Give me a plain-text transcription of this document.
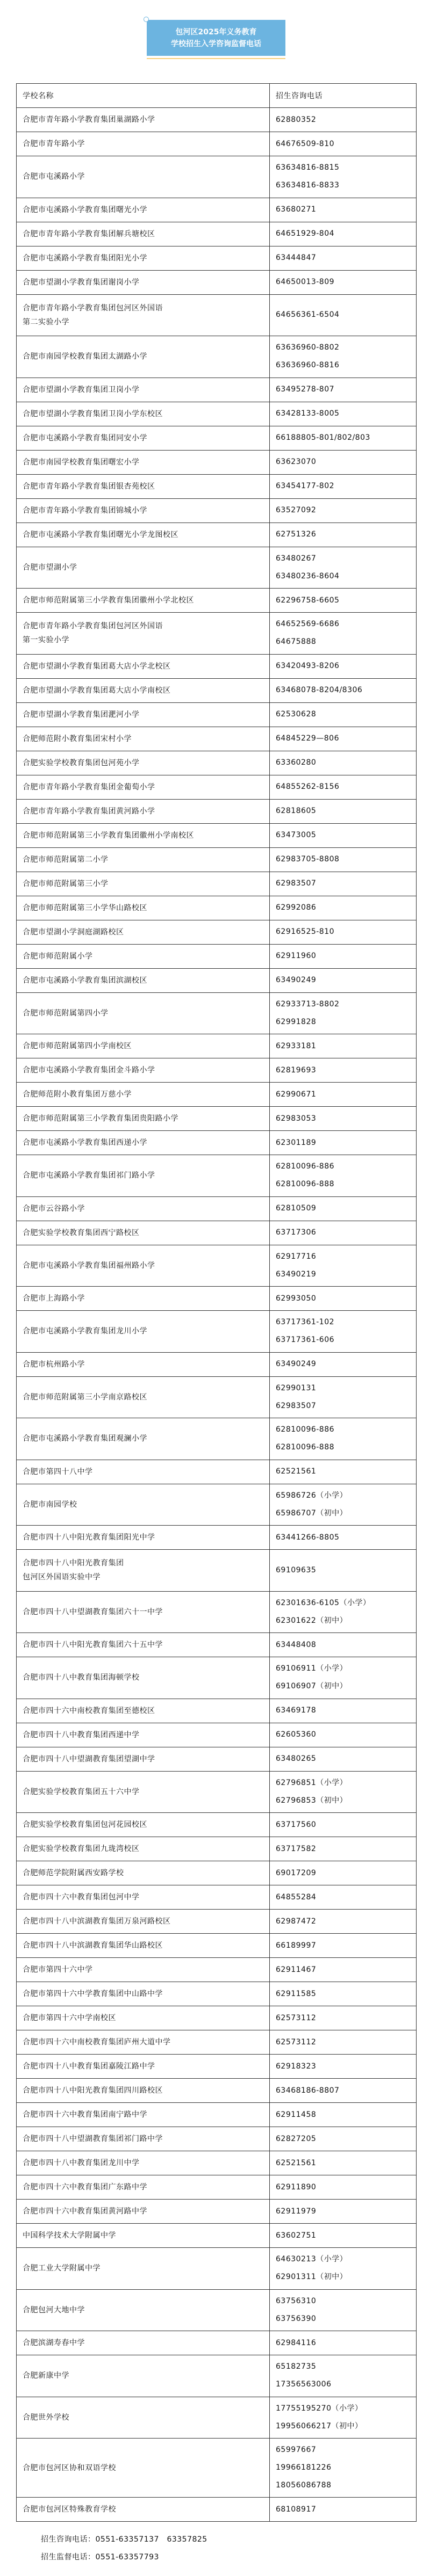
包河区2025年义务教育
学校招生入学咨询监督电话
学校名称	招生咨询电话

合肥市青年路小学教育集团巢湖路小学	62880352

合肥市青年路小学	64676509-810

合肥市屯溪路小学	63634816-8815
63634816-8833

合肥市屯溪路小学教育集团曙光小学	63680271

合肥市青年路小学教育集团解兵塘校区	64651929-804

合肥市屯溪路小学教育集团阳光小学	63444847

合肥市望湖小学教育集团谢岗小学	64650013-809

合肥市青年路小学教育集团包河区外国语
第二实验小学	64656361-6504

合肥市南园学校教育集团太湖路小学	63636960-8802
63636960-8816

合肥市望湖小学教育集团卫岗小学	63495278-807

合肥市望湖小学教育集团卫岗小学东校区	63428133-8005

合肥市屯溪路小学教育集团同安小学	66188805-801/802/803

合肥市南园学校教育集团曙宏小学	63623070

合肥市青年路小学教育集团银杏苑校区	63454177-802

合肥市青年路小学教育集团锦城小学	63527092

合肥市屯溪路小学教育集团曙光小学龙图校区	62751326

合肥市望湖小学	63480267
63480236-8604

合肥市师范附属第三小学教育集团徽州小学北校区	62296758-6605

合肥市青年路小学教育集团包河区外国语
第一实验小学	64652569-6686
64675888

合肥市望湖小学教育集团葛大店小学北校区	63420493-8206

合肥市望湖小学教育集团葛大店小学南校区	63468078-8204/8306

合肥市望湖小学教育集团淝河小学	62530628

合肥师范附小教育集团宋村小学	64845229—806

合肥实验学校教育集团包河苑小学	63360280

合肥市青年路小学教育集团金葡萄小学	64855262-8156

合肥市青年路小学教育集团黄河路小学	62818605

合肥市师范附属第三小学教育集团徽州小学南校区	63473005

合肥市师范附属第二小学	62983705-8808

合肥市师范附属第三小学	62983507

合肥市师范附属第三小学华山路校区	62992086

合肥市望湖小学洞庭湖路校区	62916525-810

合肥市师范附属小学	62911960

合肥市屯溪路小学教育集团滨湖校区	63490249

合肥市师范附属第四小学	62933713-8802
62991828

合肥市师范附属第四小学南校区	62933181

合肥市屯溪路小学教育集团金斗路小学	62819693

合肥师范附小教育集团万慈小学	62990671

合肥市师范附属第三小学教育集团贵阳路小学	62983053

合肥市屯溪路小学教育集团西递小学	62301189

合肥市屯溪路小学教育集团祁门路小学	62810096-886
62810096-888

合肥市云谷路小学	62810509

合肥实验学校教育集团西宁路校区	63717306

合肥市屯溪路小学教育集团福州路小学	62917716
63490219

合肥市上海路小学	62993050

合肥市屯溪路小学教育集团龙川小学	63717361-102
63717361-606

合肥市杭州路小学	63490249

合肥市师范附属第三小学南京路校区	62990131
62983507

合肥市屯溪路小学教育集团观澜小学	62810096-886
62810096-888

合肥市第四十八中学	62521561

合肥市南园学校	65986726（小学）
65986707（初中）

合肥市四十八中阳光教育集团阳光中学	63441266-8805

合肥市四十八中阳光教育集团
包河区外国语实验中学	69109635

合肥市四十八中望湖教育集团六十一中学	62301636-6105（小学）
62301622（初中）

合肥市四十八中阳光教育集团六十五中学	63448408

合肥市四十八中教育集团海顿学校	69106911（小学）
69106907（初中）

合肥市四十六中南校教育集团至德校区	63469178

合肥市四十八中教育集团西递中学	62605360

合肥市四十八中望湖教育集团望湖中学	63480265

合肥实验学校教育集团五十六中学	62796851（小学）
62796853（初中）

合肥实验学校教育集团包河花园校区	63717560

合肥实验学校教育集团九珑湾校区	63717582

合肥师范学院附属西安路学校	69017209

合肥市四十六中教育集团包河中学	64855284

合肥市四十八中滨湖教育集团万泉河路校区	62987472

合肥市四十八中滨湖教育集团华山路校区	66189997

合肥市第四十六中学	62911467

合肥市第四十六中学教育集团中山路中学	62911585

合肥市第四十六中学南校区	62573112

合肥市四十六中南校教育集团庐州大道中学	62573112

合肥市四十八中教育集团嘉陵江路中学	62918323

合肥市四十八中阳光教育集团四川路校区	63468186-8807

合肥市四十六中教育集团南宁路中学	62911458

合肥市四十八中望湖教育集团祁门路中学	62827205

合肥市四十八中教育集团龙川中学	62521561

合肥市四十六中教育集团广东路中学	62911890

合肥市四十六中教育集团黄河路中学	62911979

中国科学技术大学附属中学	63602751

合肥工业大学附属中学	64630213（小学）
62901311（初中）

合肥包河大地中学	63756310
63756390

合肥滨湖寿春中学	62984116

合肥新康中学	65182735
17356563006

合肥世外学校	17755195270（小学）
19956066217（初中）

合肥市包河区协和双语学校	65997667
19966181226
18056086788

合肥市包河区特殊教育学校	68108917
招生咨询电话：0551-63357137　63357825
招生监督电话：0551-63357793
